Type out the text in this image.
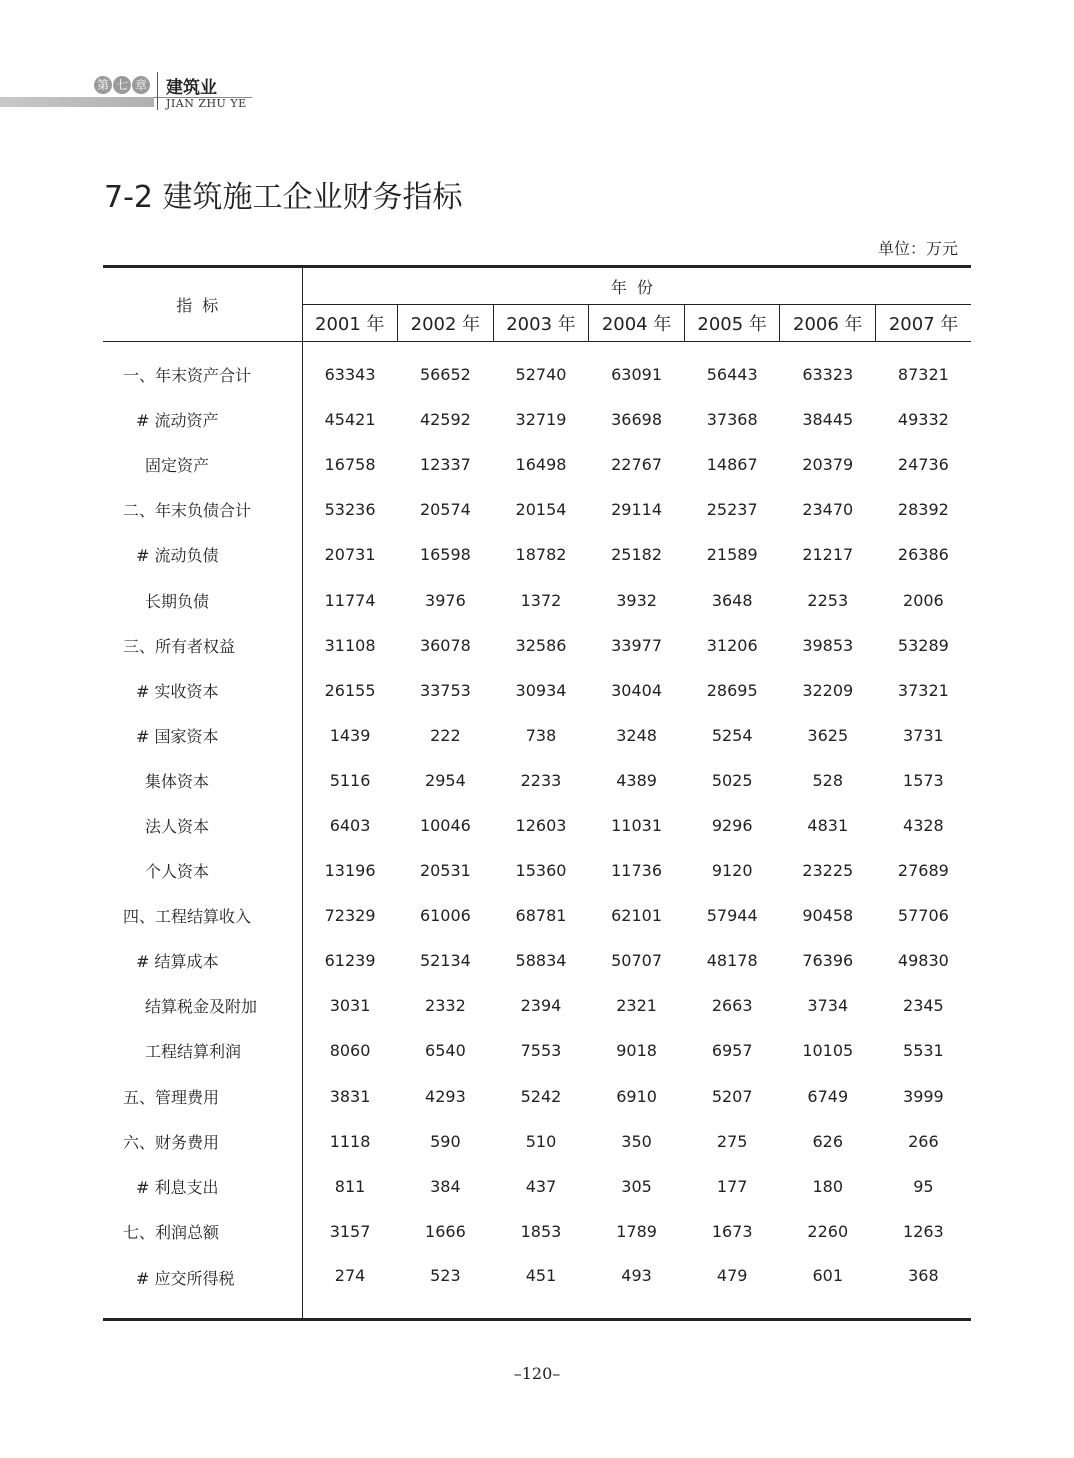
第 七 章 建筑业
JIAN ZHU YE
7-2 建筑施工企业财务指标
单位：万元
指标	年份						
	2001 年	2002 年	2003 年	2004 年	2005 年	2006 年	2007 年
一、年末资产合计	63343	56652	52740	63091	56443	63323	87321
# 流动资产	45421	42592	32719	36698	37368	38445	49332
固定资产	16758	12337	16498	22767	14867	20379	24736
二、年末负债合计	53236	20574	20154	29114	25237	23470	28392
# 流动负债	20731	16598	18782	25182	21589	21217	26386
长期负债	11774	3976	1372	3932	3648	2253	2006
三、所有者权益	31108	36078	32586	33977	31206	39853	53289
# 实收资本	26155	33753	30934	30404	28695	32209	37321
# 国家资本	1439	222	738	3248	5254	3625	3731
集体资本	5116	2954	2233	4389	5025	528	1573
法人资本	6403	10046	12603	11031	9296	4831	4328
个人资本	13196	20531	15360	11736	9120	23225	27689
四、工程结算收入	72329	61006	68781	62101	57944	90458	57706
# 结算成本	61239	52134	58834	50707	48178	76396	49830
结算税金及附加	3031	2332	2394	2321	2663	3734	2345
工程结算利润	8060	6540	7553	9018	6957	10105	5531
五、管理费用	3831	4293	5242	6910	5207	6749	3999
六、财务费用	1118	590	510	350	275	626	266
# 利息支出	811	384	437	305	177	180	95
七、利润总额	3157	1666	1853	1789	1673	2260	1263
# 应交所得税	274	523	451	493	479	601	368
–120–
